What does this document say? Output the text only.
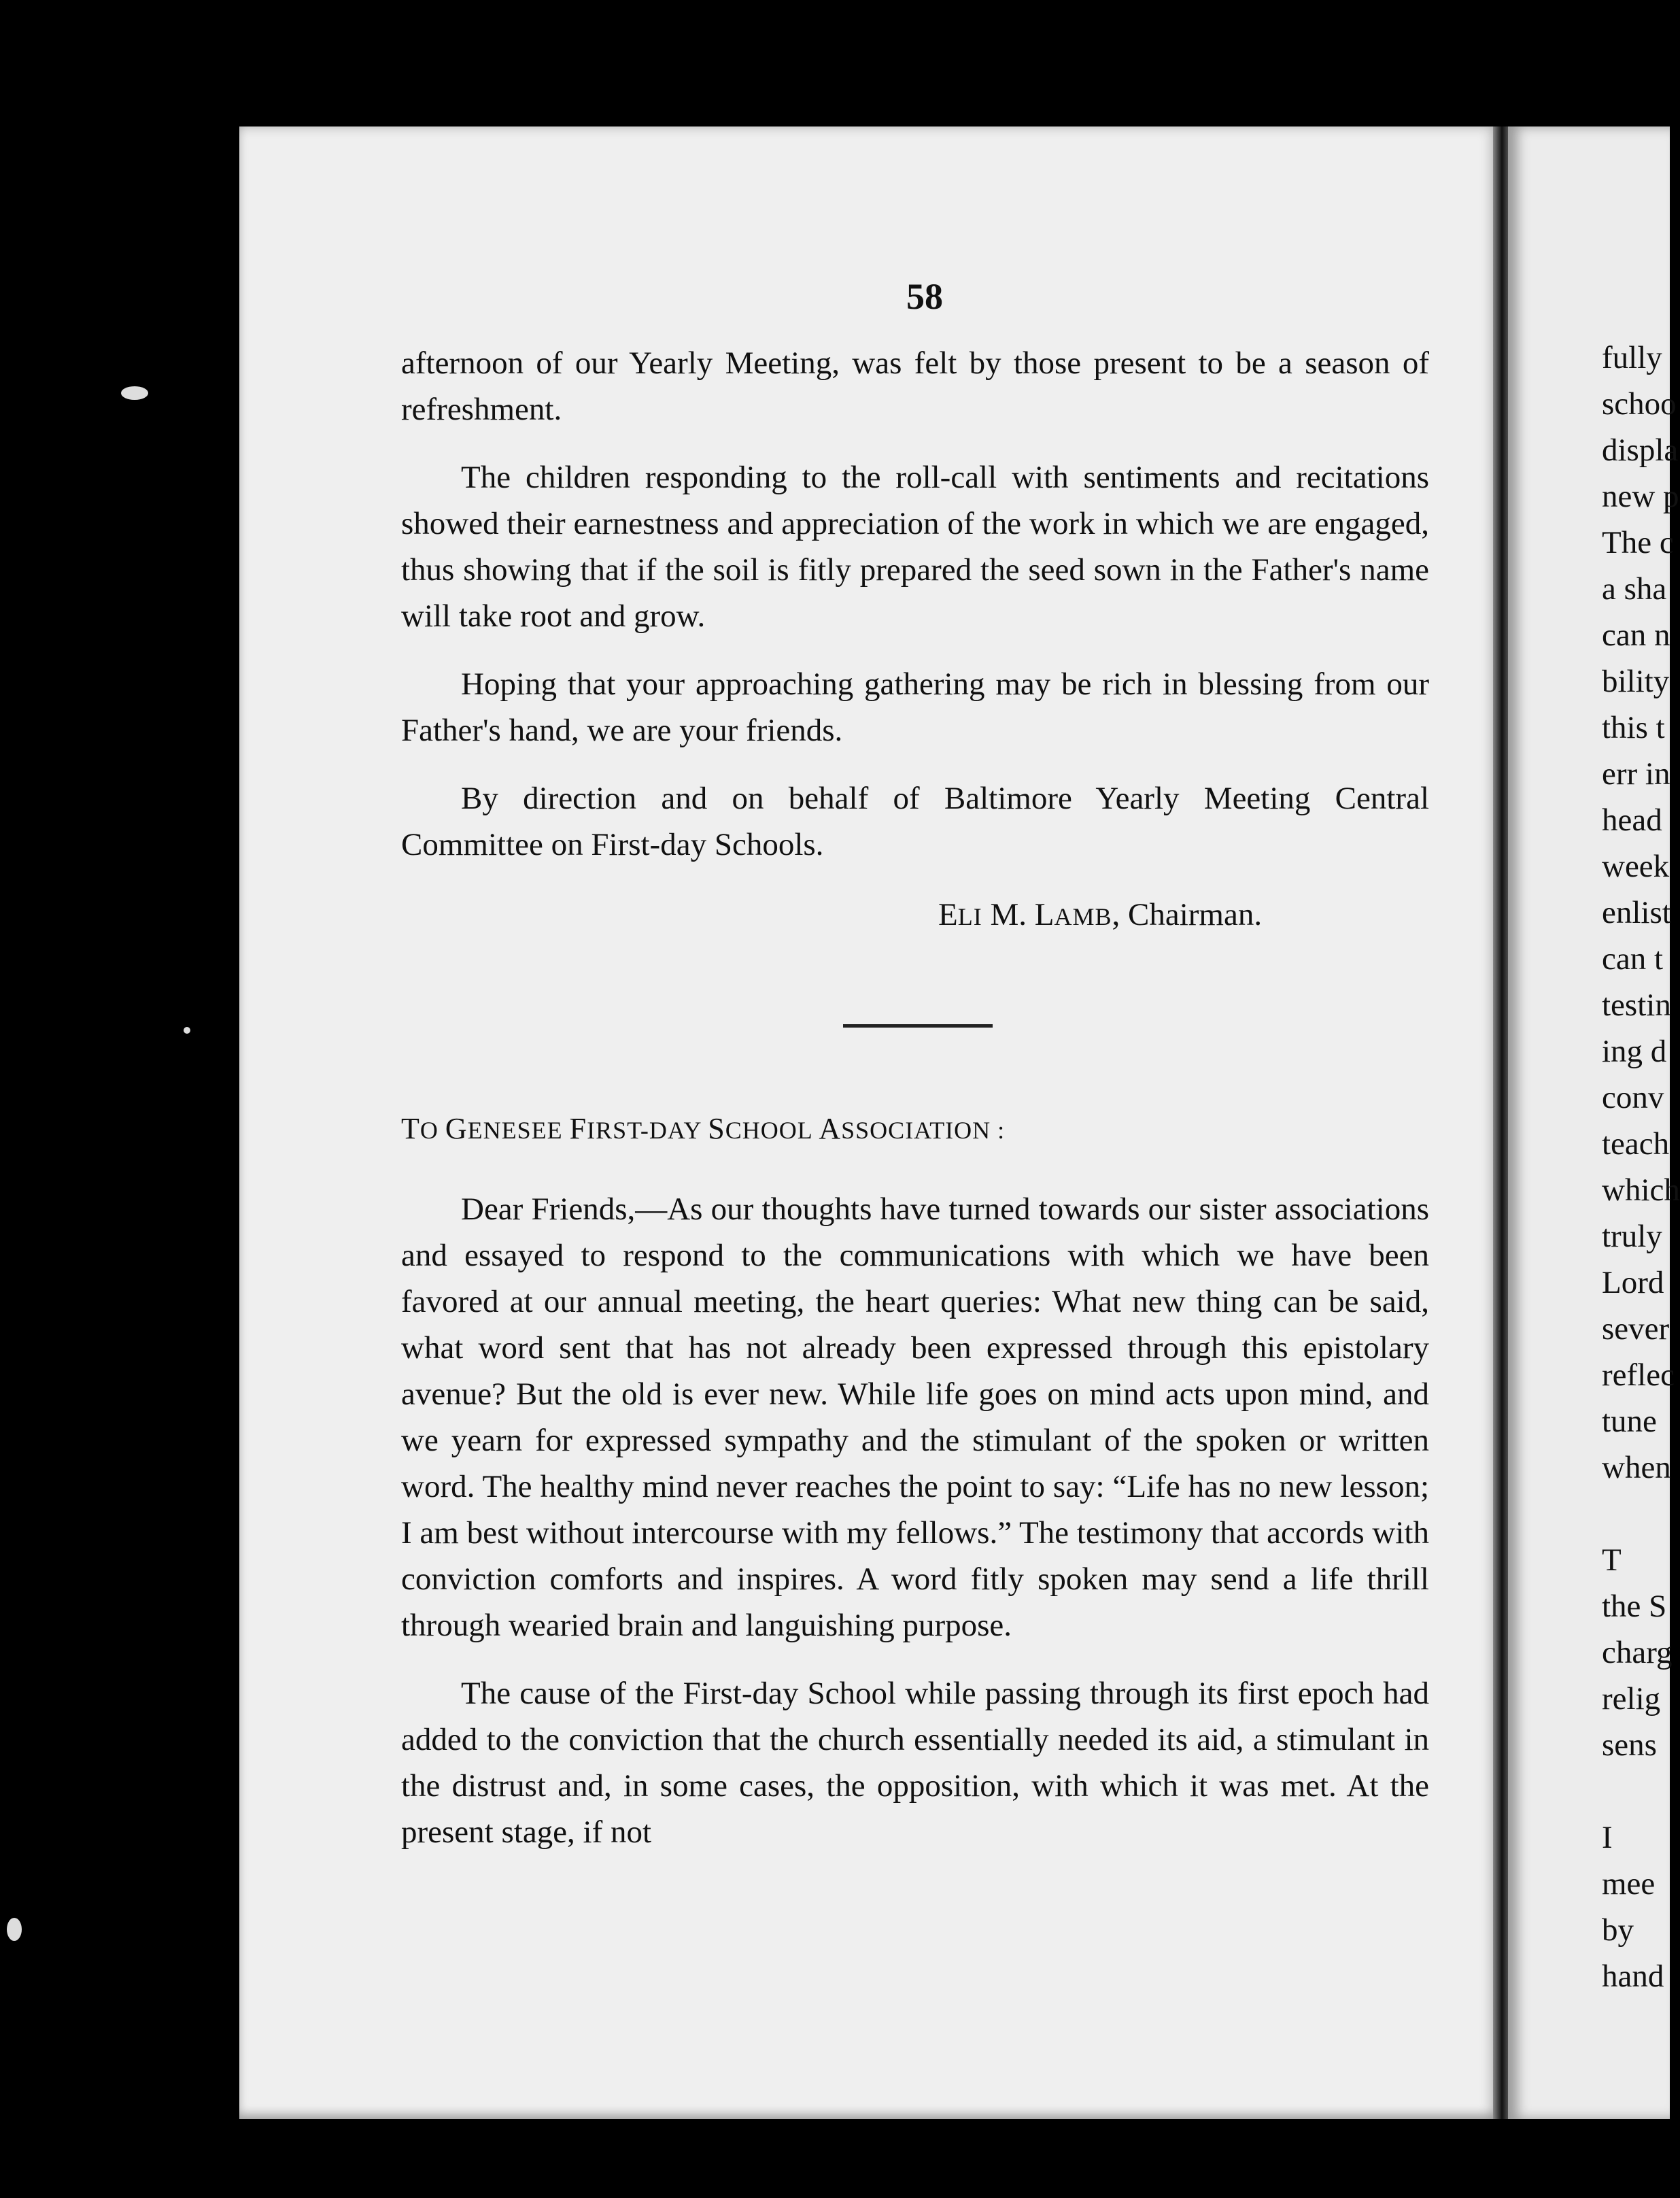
58

afternoon of our Yearly Meeting, was felt by those present to be a season of refreshment.

The children responding to the roll-call with sentiments and recitations showed their earnestness and appreciation of the work in which we are engaged, thus showing that if the soil is fitly prepared the seed sown in the Father's name will take root and grow.

Hoping that your approaching gathering may be rich in blessing from our Father's hand, we are your friends.

By direction and on behalf of Baltimore Yearly Meeting Central Committee on First-day Schools.

ELI M. LAMB, Chairman.
TO GENESEE FIRST-DAY SCHOOL ASSOCIATION :

Dear Friends,—As our thoughts have turned towards our sister associations and essayed to respond to the communications with which we have been favored at our annual meeting, the heart queries: What new thing can be said, what word sent that has not already been expressed through this epistolary avenue? But the old is ever new. While life goes on mind acts upon mind, and we yearn for expressed sympathy and the stimulant of the spoken or written word. The healthy mind never reaches the point to say: “Life has no new lesson; I am best without intercourse with my fellows.” The testimony that accords with conviction comforts and inspires. A word fitly spoken may send a life thrill through wearied brain and languishing purpose.

The cause of the First-day School while passing through its first epoch had added to the conviction that the church essentially needed its aid, a stimulant in the distrust and, in some cases, the opposition, with which it was met. At the present stage, if not

fully
schoo
displa
new p
The c
a sha
can n
bility
this t
err in
head
week
enlist
can t
testin
ing d
conv
teach
which
truly
Lord
sever
reflec
tune
when
T
the S
charg
relig
sens
I
mee
by
hand
